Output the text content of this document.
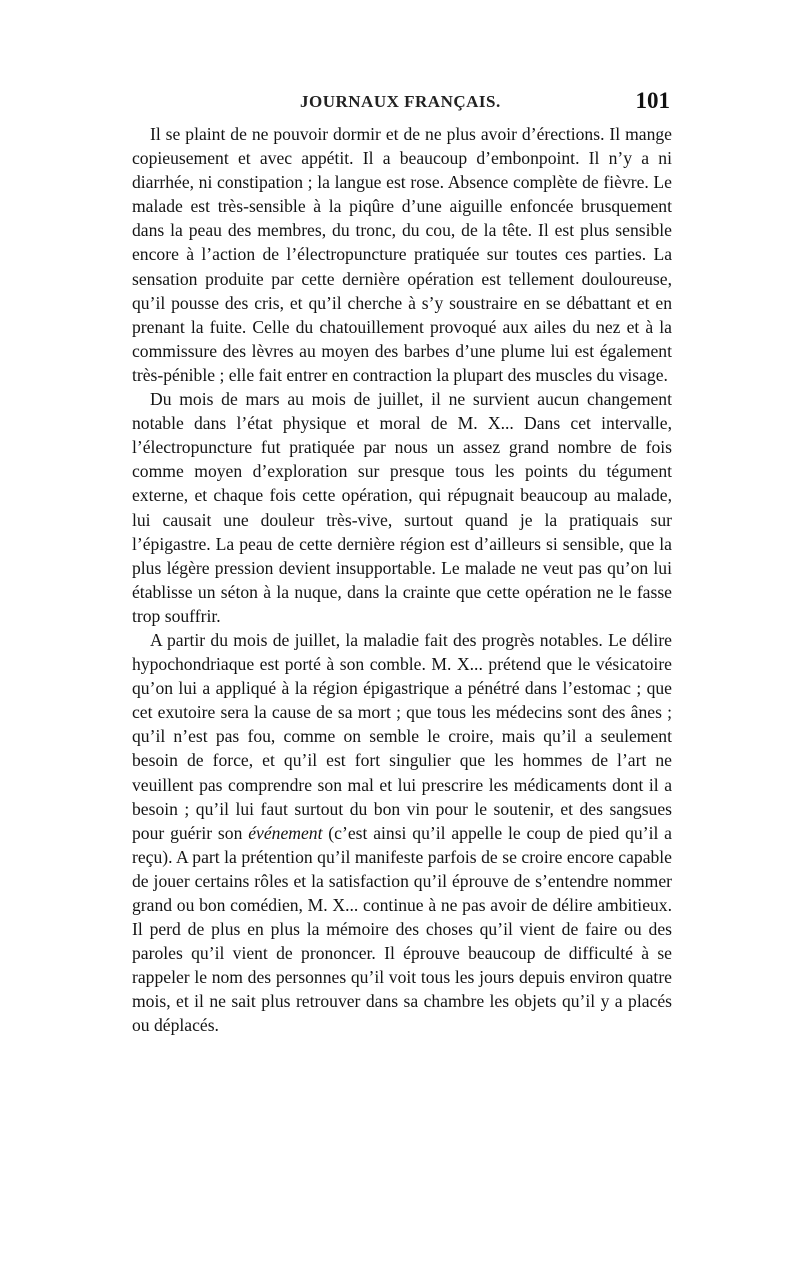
JOURNAUX FRANÇAIS.	101

Il se plaint de ne pouvoir dormir et de ne plus avoir d’érections. Il mange copieusement et avec appétit. Il a beaucoup d’embonpoint. Il n’y a ni diarrhée, ni constipation ; la langue est rose. Absence complète de fièvre. Le malade est très-sensible à la piqûre d’une aiguille enfoncée brusquement dans la peau des membres, du tronc, du cou, de la tête. Il est plus sensible encore à l’action de l’électropuncture pratiquée sur toutes ces parties. La sensation produite par cette dernière opération est tellement douloureuse, qu’il pousse des cris, et qu’il cherche à s’y soustraire en se débattant et en prenant la fuite. Celle du chatouillement provoqué aux ailes du nez et à la commissure des lèvres au moyen des barbes d’une plume lui est également très-pénible ; elle fait entrer en contraction la plupart des muscles du visage.

Du mois de mars au mois de juillet, il ne survient aucun changement notable dans l’état physique et moral de M. X... Dans cet intervalle, l’électropuncture fut pratiquée par nous un assez grand nombre de fois comme moyen d’exploration sur presque tous les points du tégument externe, et chaque fois cette opération, qui répugnait beaucoup au malade, lui causait une douleur très-vive, surtout quand je la pratiquais sur l’épigastre. La peau de cette dernière région est d’ailleurs si sensible, que la plus légère pression devient insupportable. Le malade ne veut pas qu’on lui établisse un séton à la nuque, dans la crainte que cette opération ne le fasse trop souffrir.

A partir du mois de juillet, la maladie fait des progrès notables. Le délire hypochondriaque est porté à son comble. M. X... prétend que le vésicatoire qu’on lui a appliqué à la région épigastrique a pénétré dans l’estomac ; que cet exutoire sera la cause de sa mort ; que tous les médecins sont des ânes ; qu’il n’est pas fou, comme on semble le croire, mais qu’il a seulement besoin de force, et qu’il est fort singulier que les hommes de l’art ne veuillent pas comprendre son mal et lui prescrire les médicaments dont il a besoin ; qu’il lui faut surtout du bon vin pour le soutenir, et des sangsues pour guérir son événement (c’est ainsi qu’il appelle le coup de pied qu’il a reçu). A part la prétention qu’il manifeste parfois de se croire encore capable de jouer certains rôles et la satisfaction qu’il éprouve de s’entendre nommer grand ou bon comédien, M. X... continue à ne pas avoir de délire ambitieux. Il perd de plus en plus la mémoire des choses qu’il vient de faire ou des paroles qu’il vient de prononcer. Il éprouve beaucoup de difficulté à se rappeler le nom des personnes qu’il voit tous les jours depuis environ quatre mois, et il ne sait plus retrouver dans sa chambre les objets qu’il y a placés ou déplacés.
